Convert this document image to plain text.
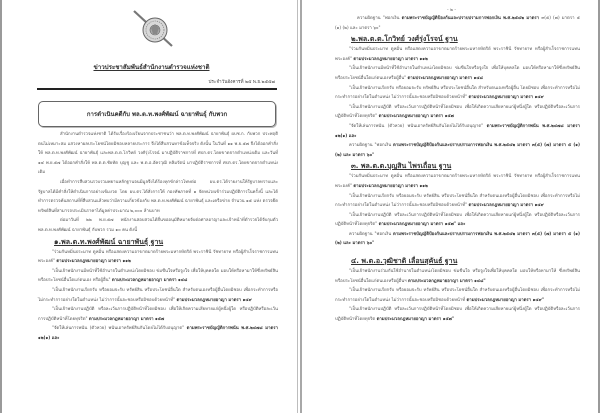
ข่าวประชาสัมพันธ์สำนักงานตำรวจแห่งชาติ
ประจำวันอังคารที่ ๒๕ พ.ย.๒๕๕๗
การดำเนินคดีกับ พล.ต.ท.พงศ์พัฒน์ ฉายาพันธุ์ กับพวก

สำนักงานตำรวจแห่งชาติ ได้รับเรื่องร้องเรียนจากประชาชนว่า พล.ต.ท.พงศ์พัฒน์ ฉายาพันธุ์ ผบช.ก. กับพวก ประพฤติตนไม่เหมาะสม แสวงหาผลประโยชน์โดยมิชอบหลายประการ จึงได้สืบสวนหาข้อเท็จจริง ดังนั้น ในวันที่ ๑๑ พ.ย.๕๗ จึงได้ออกคำสั่งให้ พล.ต.ท.พงศ์พัฒน์ ฉายาพันธุ์ และพล.ต.ต.โกวิทย์ วงศ์รุ่งโรจน์ มาปฏิบัติราชการที่ ศปก.ตร.โดยขาดจากตำแหน่งเดิม และวันที่ ๑๔ พ.ย.๕๗ ได้ออกคำสั่งให้ พล.ต.ต.ชัยทัต บุญชู และ พ.ต.อ.อัครวุฒิ หลิมรัตน์ มาปฏิบัติราชการที่ ศปก.ตร.โดยขาดจากตำแหน่งเดิม

เมื่อทำการสืบสวนรวบรวมพยานหลักฐานจนมีมูลจึงได้ร้องทุกข์กล่าวโทษต่อ ผบ.ตร.ได้รายงานให้รัฐบาลทราบและรัฐบาลได้มีคำสั่งให้ดำเนินการอย่างเข้มงวด โดย ผบ.ตร.ได้สั่งการให้ กองทัพภาคที่ ๑ จัดหน่วยเข้าร่วมปฏิบัติการในครั้งนี้ และได้ทำการตรวจค้นสถานที่ที่สืบสวนแล้วพบว่ามีความเกี่ยวข้องกับ พล.ต.ท.พงศ์พัฒน์ ฉายาพันธุ์ และเครือข่าย จำนวน ๑๕ แห่ง ตรวจยึดทรัพย์สินที่สามารถประเมินราคาได้มูลค่าประมาณ ๒,๐๐๐ ล้านบาท

ต่อมาวันที่ ๒๒ พ.ย.๕๗ พนักงานสอบสวนได้ยื่นขออนุมัติหมายจับต่อศาลอาญาและเจ้าหน้าที่ตำรวจได้จับกุมตัว พล.ต.ท.พงศ์พัฒน์ ฉายาพันธุ์ กับพวก รวม ๑๐ คน ดังนี้

๑.พล.ต.ท.พงศ์พัฒน์ ฉายาพันธุ์ ฐาน

"ร่วมกันหมิ่นประมาท ดูหมิ่น หรือแสดงความอาฆาตมาดร้ายพระมหากษัตริย์ พระราชินี รัชทายาท หรือผู้สำเร็จราชการแทนพระองค์" ตามประมวลกฎหมายอาญา มาตรา ๑๑๒

"เป็นเจ้าพนักงานมีหน้าที่ใช้อำนาจในตำแหน่งโดยมิชอบ ข่มขืนใจหรือจูงใจ เพื่อให้บุคคลใด มอบให้หรือหามาให้ซึ่งทรัพย์สิน หรือประโยชน์อื่นใดแก่ตนเอง หรือผู้อื่น" ตามประมวลกฎหมายอาญา มาตรา ๑๔๘

"เป็นเจ้าพนักงานเรียกรับ หรือยอมจะรับ ทรัพย์สิน หรือประโยชน์อื่นใด สำหรับตนเองหรือผู้อื่นโดยมิชอบ เพื่อกระทำการหรือไม่กระทำการอย่างใดในตำแหน่ง ไม่ว่าการนั้นจะชอบหรือมิชอบด้วยหน้าที่" ตามประมวลกฎหมายอาญา มาตรา ๑๔๙

"เป็นเจ้าพนักงานปฏิบัติ หรือละเว้นการปฏิบัติหน้าที่โดยมิชอบ เพื่อให้เกิดความเสียหายแก่ผู้หนึ่งผู้ใด หรือปฏิบัติหรือละเว้นการปฏิบัติหน้าที่โดยทุจริต" ตามประมวลกฎหมายอาญา มาตรา ๑๕๗

"จัดให้เล่นการพนัน (ตัวหวย) พนันเอาทรัพย์สินกันโดยไม่ได้รับอนุญาต" ตามพระราชบัญญัติการพนัน พ.ศ.๒๔๗๘ มาตรา ๑๒(๑) และ

- ๒ -

ความผิดฐาน "ฟอกเงิน ตามพระราชบัญญัติป้องกันและปราบปรามการฟอกเงิน พ.ศ.๒๕๔๒ มาตรา ๓(๕) (๗) มาตรา ๕ (๑) (๒) และ มาตรา ๖๐"

๒.พล.ต.ต.โกวิทย์ วงศ์รุ่งโรจน์ ฐาน

"ร่วมกันหมิ่นประมาท ดูหมิ่น หรือแสดงความอาฆาตมาดร้ายพระมหากษัตริย์ พระราชินี รัชทายาท หรือผู้สำเร็จราชการแทนพระองค์" ตามประมวลกฎหมายอาญา มาตรา ๑๑๒

"เป็นเจ้าพนักงานมีหน้าที่ใช้อำนาจในตำแหน่งโดยมิชอบ ข่มขืนใจหรือจูงใจ เพื่อให้บุคคลใด มอบให้หรือหามาให้ซึ่งทรัพย์สิน หรือประโยชน์อื่นใดแก่ตนเองหรือผู้อื่น" ตามประมวลกฎหมายอาญา มาตรา ๑๔๘

"เป็นเจ้าพนักงานเรียกรับ หรือยอมจะรับ ทรัพย์สิน หรือประโยชน์อื่นใด สำหรับตนเองหรือผู้อื่น โดยมิชอบ เพื่อกระทำการหรือไม่กระทำการอย่างใดในตำแหน่ง ไม่ว่าการนั้นจะชอบหรือมิชอบด้วยหน้าที่" ตามประมวลกฎหมายอาญา มาตรา ๑๔๙

"เป็นเจ้าพนักงานปฏิบัติ หรือละเว้นการปฏิบัติหน้าที่โดยมิชอบ เพื่อให้เกิดความเสียหายแก่ผู้หนึ่งผู้ใด หรือปฏิบัติหรือละเว้นการปฏิบัติหน้าที่โดยทุจริต" ตามประมวลกฎหมายอาญา มาตรา ๑๕๗

"จัดให้เล่นการพนัน (ตัวหวย) พนันเอาทรัพย์สินกันโดยไม่ได้รับอนุญาต" ตามพระราชบัญญัติการพนัน พ.ศ.๒๔๗๘ มาตรา ๑๒(๑) และ

ความผิดฐาน "ฟอกเงิน ตามพระราชบัญญัติป้องกันและปราบปรามการฟอกเงิน พ.ศ.๒๕๔๒ มาตรา ๓(๕) (๗) มาตรา ๕ (๑) (๒) และ มาตรา ๖๐"

๓. พล.ต.ต.บุญสิน ไพรเถื่อน ฐาน

"ร่วมกันหมิ่นประมาท ดูหมิ่น หรือแสดงความอาฆาตมาดร้ายพระมหากษัตริย์ พระราชินี รัชทายาท หรือผู้สำเร็จราชการแทนพระองค์" ตามประมวลกฎหมายอาญา มาตรา ๑๑๒

"เป็นเจ้าพนักงานเรียกรับ หรือยอมจะรับ ทรัพย์สิน หรือประโยชน์อื่นใด สำหรับตนเองหรือผู้อื่นโดยมิชอบ เพื่อกระทำการหรือไม่กระทำการอย่างใดในตำแหน่ง ไม่ว่าการนั้นจะชอบหรือมิชอบด้วยหน้าที่" ตามประมวลกฎหมายอาญา มาตรา ๑๔๙

"เป็นเจ้าพนักงานปฏิบัติ หรือละเว้นการปฏิบัติหน้าที่โดยมิชอบ เพื่อให้เกิดความเสียหายแก่ผู้หนึ่งผู้ใด หรือปฏิบัติหรือละเว้นการปฏิบัติหน้าที่โดยทุจริต" ตามประมวลกฎหมายอาญา มาตรา ๑๕๗" และ

ความผิดฐาน "ฟอกเงิน ตามพระราชบัญญัติป้องกันและปราบปรามการฟอกเงิน พ.ศ.๒๕๔๒ มาตรา ๓(๕) (๗) มาตรา ๕ (๑) (๒) และ มาตรา ๖๐"

๔. พ.ต.อ.วุฒิชาติ เลื่อนสุคันธ์ ฐาน

"เป็นเจ้าพนักงานร่วมกันใช้อำนาจในตำแหน่งโดยมิชอบ ข่มขืนใจ หรือจูงใจเพื่อให้บุคคลใด มอบให้หรือหามาให้ ซึ่งทรัพย์สินหรือประโยชน์อื่นใดแก่ตนเองหรือผู้อื่นฯ ตามประมวลกฎหมายอาญา มาตรา ๑๔๘"

"เป็นเจ้าพนักงานเรียกรับ หรือยอมจะรับ ทรัพย์สิน หรือประโยชน์อื่นใด สำหรับตนเองหรือผู้อื่นโดยมิชอบ เพื่อกระทำการหรือไม่กระทำการอย่างใดในตำแหน่ง ไม่ว่าการนั้นจะชอบหรือมิชอบด้วยหน้าที่ ตามประมวลกฎหมายอาญา มาตรา ๑๔๙"

"เป็นเจ้าพนักงานปฏิบัติ หรือละเว้นการปฏิบัติหน้าที่โดยมิชอบ เพื่อให้เกิดความเสียหายแก่ผู้หนึ่งผู้ใด หรือปฏิบัติหรือละเว้นการปฏิบัติหน้าที่โดยทุจริต ตามประมวลกฎหมายอาญา มาตรา ๑๕๗"
